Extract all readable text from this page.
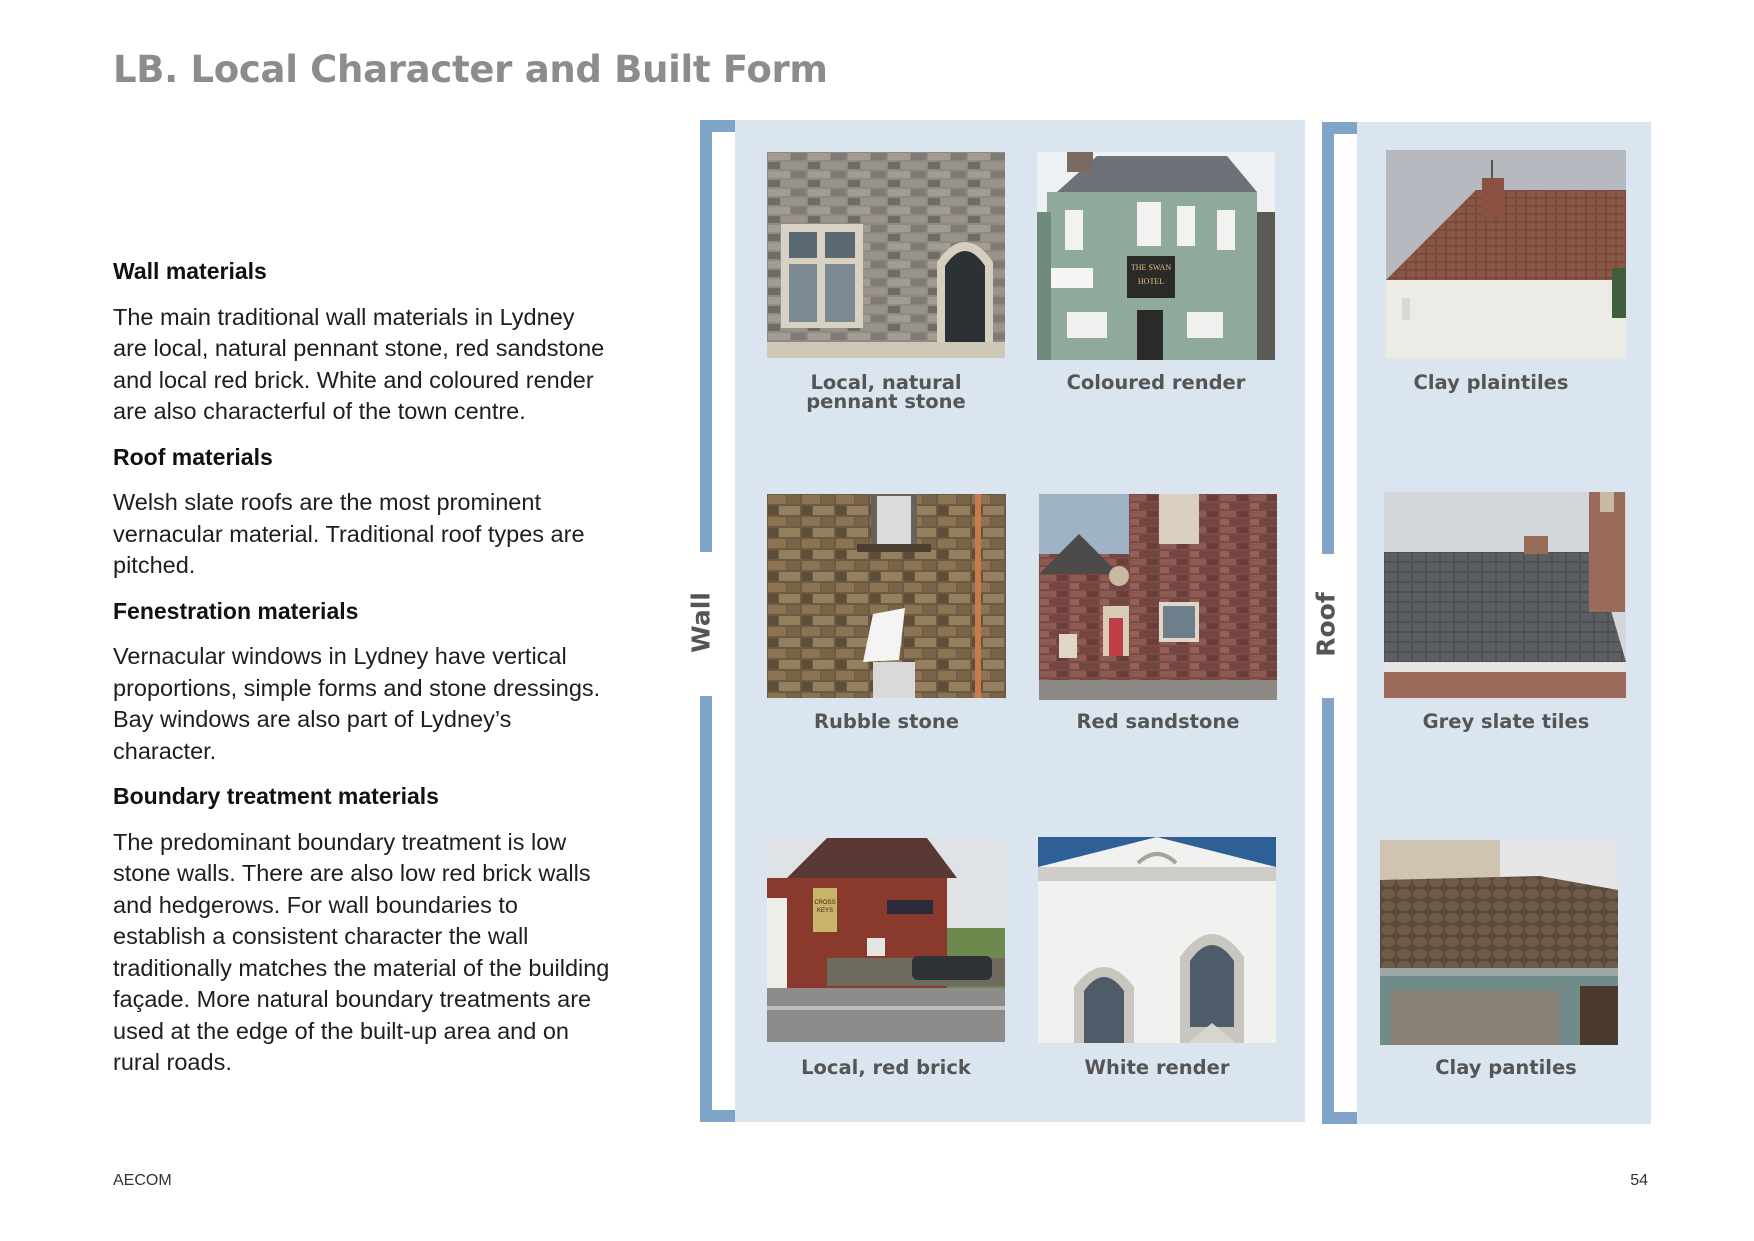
LB. Local Character and Built Form
Wall materials

The main traditional wall materials in Lydney are local, natural pennant stone, red sandstone and local red brick. White and coloured render are also characterful of the town centre.

Roof materials

Welsh slate roofs are the most prominent vernacular material. Traditional roof types are pitched.

Fenestration materials

Vernacular windows in Lydney have vertical proportions, simple forms and stone dressings. Bay windows are also part of Lydney’s character.

Boundary treatment materials

The predominant boundary treatment is low stone walls. There are also low red brick walls and hedgerows. For wall boundaries to establish a consistent character the wall traditionally matches the material of the building façade. More natural boundary treatments are used at the edge of the built-up area and on rural roads.

Wall	Roof
Local, natural pennant stone
THE SWAN
HOTEL
Coloured render
Rubble stone	Red sandstone
CROSS
KEYS
Local, red brick	White render
Clay plaintiles
Grey slate tiles
Clay pantiles
AECOM	54
